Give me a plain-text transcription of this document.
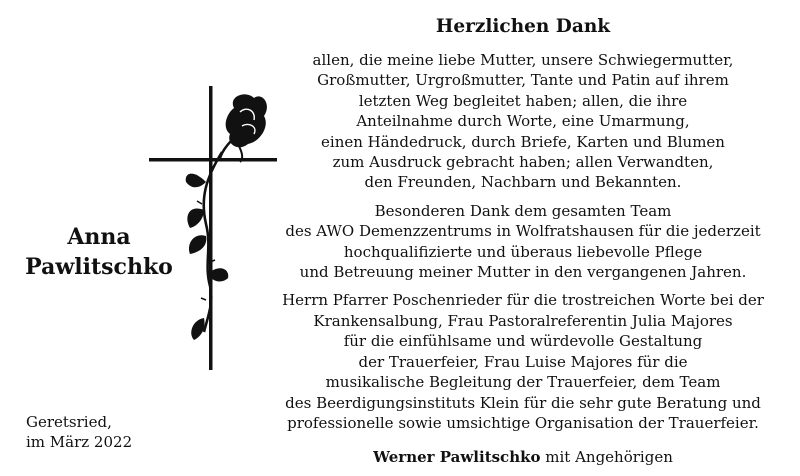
Anna
Pawlitschko
Geretsried,
im März 2022
Herzlichen Dank
allen, die meine liebe Mutter, unsere Schwiegermutter,
Großmutter, Urgroßmutter, Tante und Patin auf ihrem
letzten Weg begleitet haben; allen, die ihre
Anteilnahme durch Worte, eine Umarmung,
einen Händedruck, durch Briefe, Karten und Blumen
zum Ausdruck gebracht haben; allen Verwandten,
den Freunden, Nachbarn und Bekannten.
Besonderen Dank dem gesamten Team
des AWO Demenzzentrums in Wolfratshausen für die jederzeit
hochqualifizierte und überaus liebevolle Pflege
und Betreuung meiner Mutter in den vergangenen Jahren.
Herrn Pfarrer Poschenrieder für die trostreichen Worte bei der
Krankensalbung, Frau Pastoralreferentin Julia Majores
für die einfühlsame und würdevolle Gestaltung
der Trauerfeier, Frau Luise Majores für die
musikalische Begleitung der Trauerfeier, dem Team
des Beerdigungsinstituts Klein für die sehr gute Beratung und
professionelle sowie umsichtige Organisation der Trauerfeier.
Werner Pawlitschko mit Angehörigen
